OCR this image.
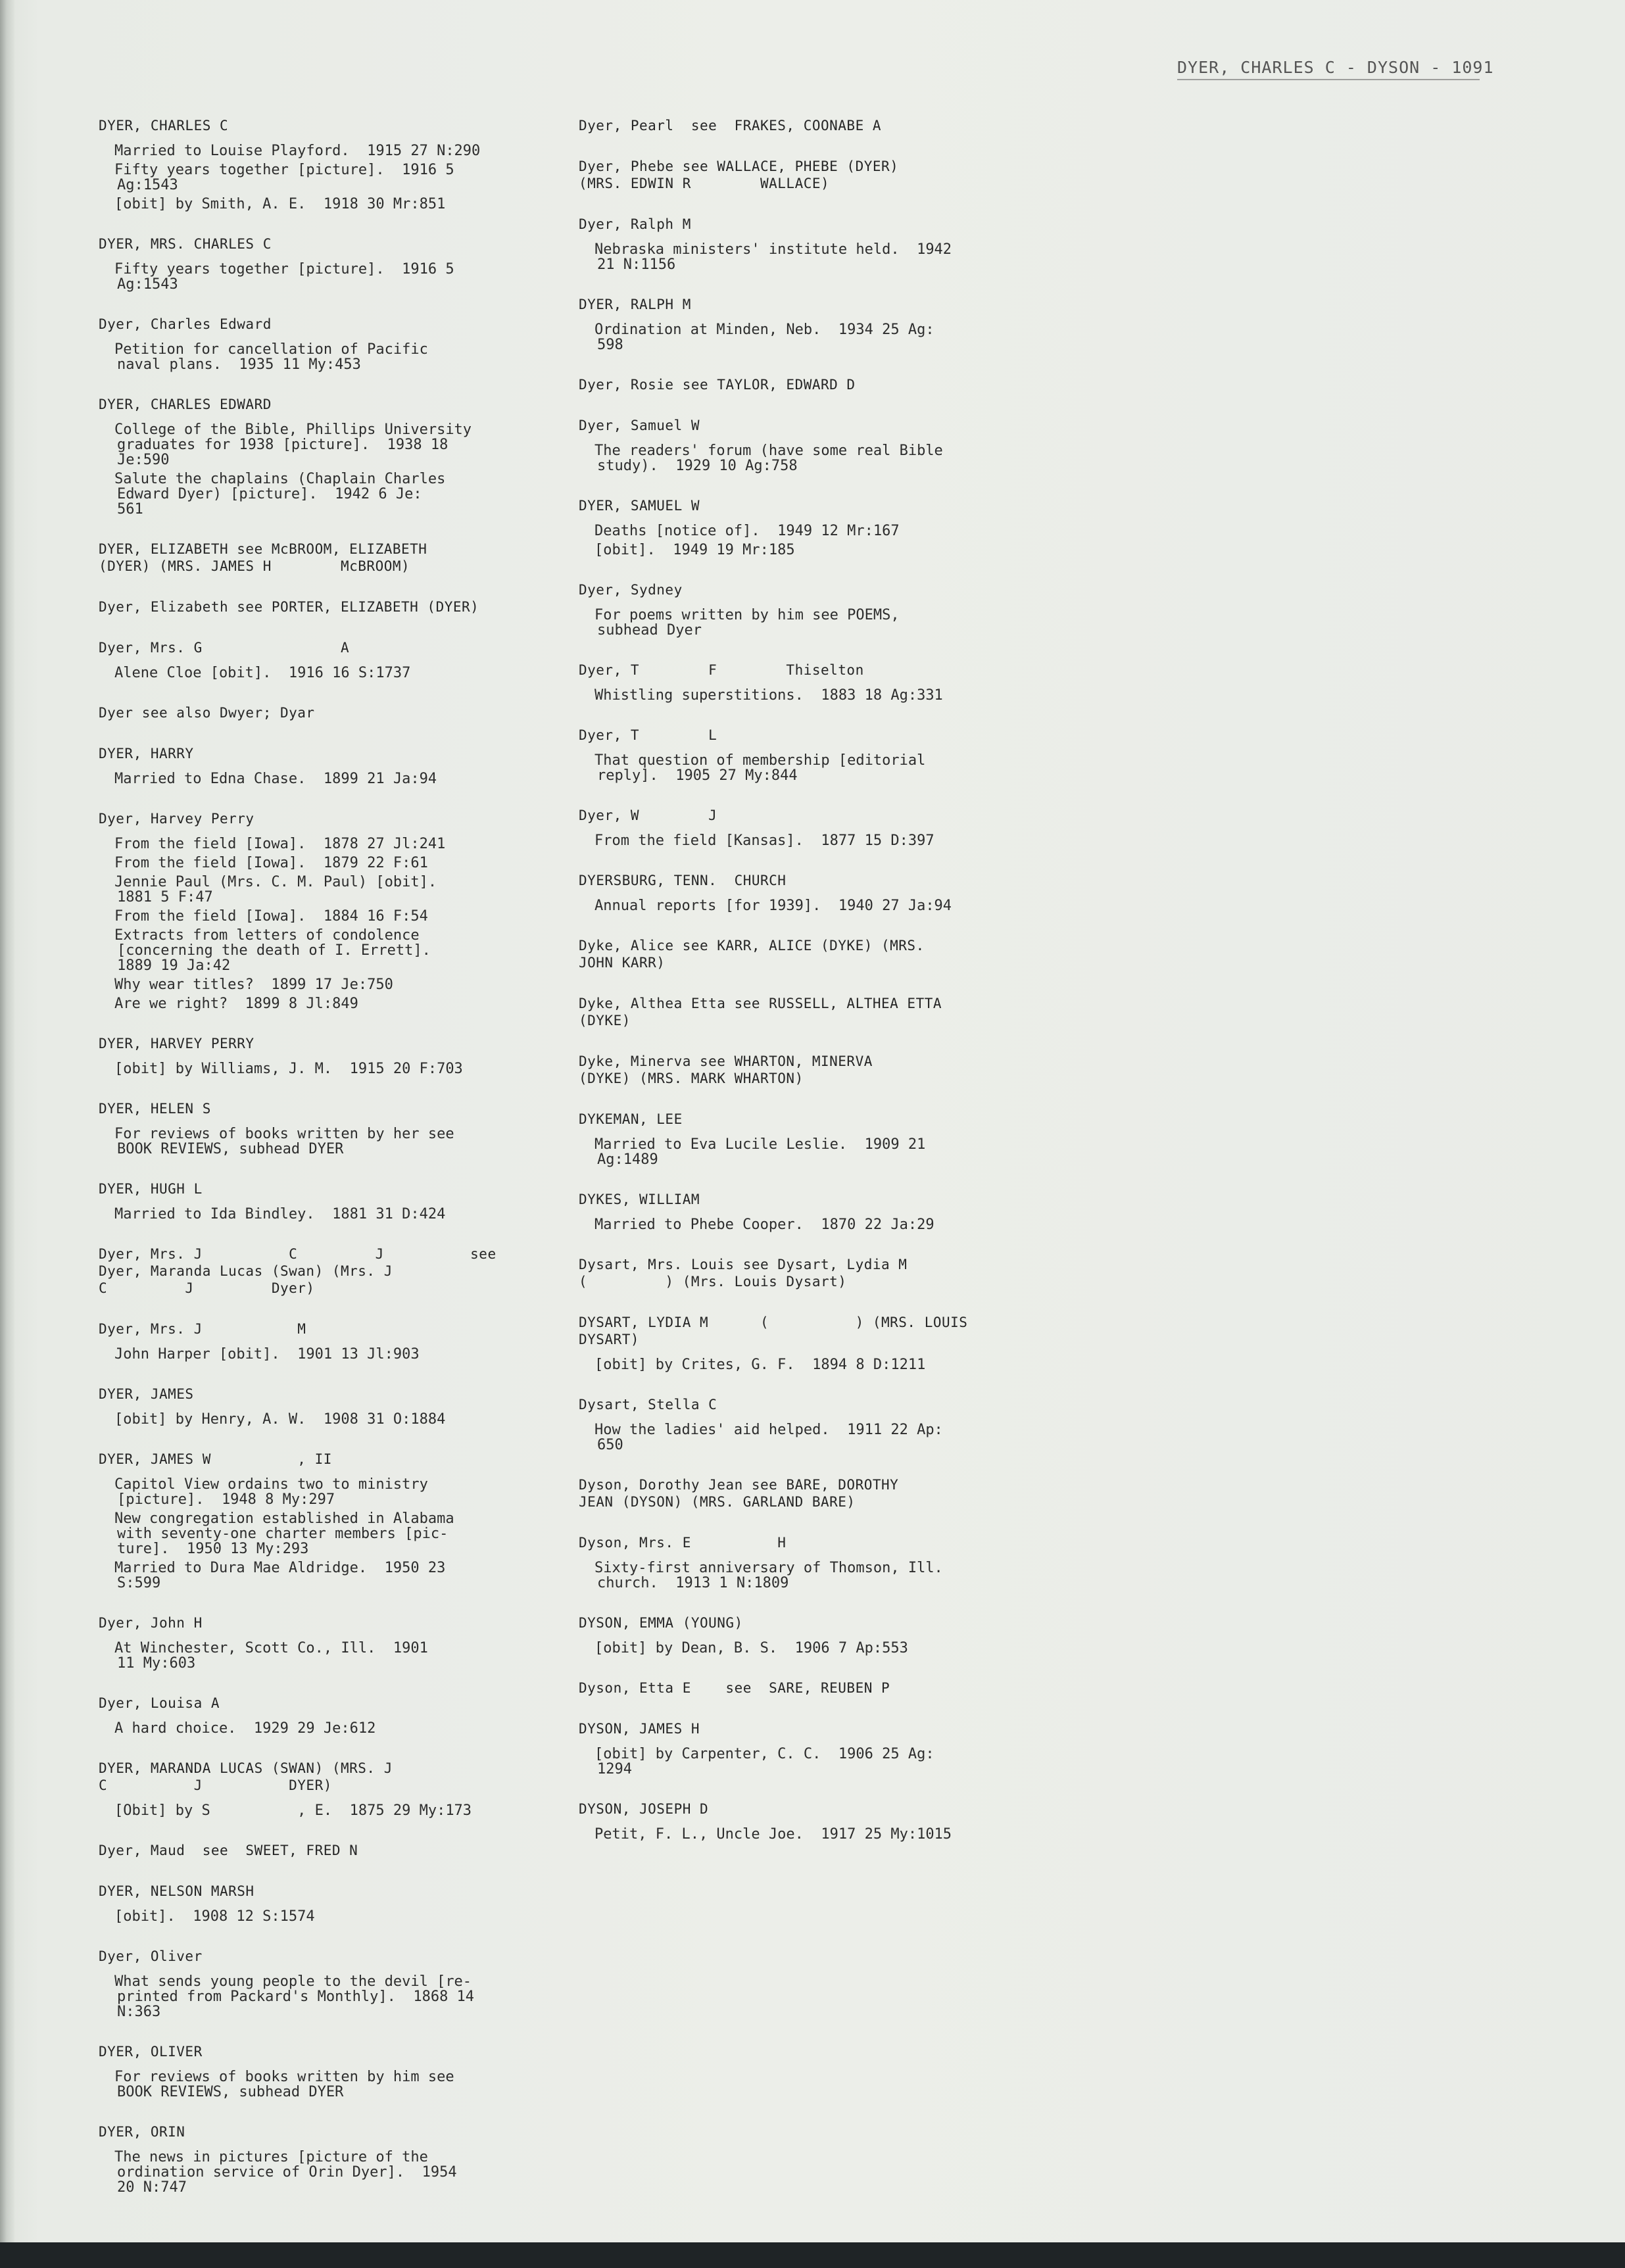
DYER, CHARLES C - DYSON - 1091
DYER, CHARLES C
Married to Louise Playford.  1915 27 N:290
Fifty years together [picture].  1916 5
Ag:1543
[obit] by Smith, A. E.  1918 30 Mr:851
DYER, MRS. CHARLES C
Fifty years together [picture].  1916 5
Ag:1543
Dyer, Charles Edward
Petition for cancellation of Pacific
naval plans.  1935 11 My:453
DYER, CHARLES EDWARD
College of the Bible, Phillips University
graduates for 1938 [picture].  1938 18
Je:590
Salute the chaplains (Chaplain Charles
Edward Dyer) [picture].  1942 6 Je:
561
DYER, ELIZABETH see McBROOM, ELIZABETH
(DYER) (MRS. JAMES H        McBROOM)
Dyer, Elizabeth see PORTER, ELIZABETH (DYER)
Dyer, Mrs. G                A
Alene Cloe [obit].  1916 16 S:1737
Dyer see also Dwyer; Dyar
DYER, HARRY
Married to Edna Chase.  1899 21 Ja:94
Dyer, Harvey Perry
From the field [Iowa].  1878 27 Jl:241
From the field [Iowa].  1879 22 F:61
Jennie Paul (Mrs. C. M. Paul) [obit].
1881 5 F:47
From the field [Iowa].  1884 16 F:54
Extracts from letters of condolence
[concerning the death of I. Errett].
1889 19 Ja:42
Why wear titles?  1899 17 Je:750
Are we right?  1899 8 Jl:849
DYER, HARVEY PERRY
[obit] by Williams, J. M.  1915 20 F:703
DYER, HELEN S
For reviews of books written by her see
BOOK REVIEWS, subhead DYER
DYER, HUGH L
Married to Ida Bindley.  1881 31 D:424
Dyer, Mrs. J          C         J          see
Dyer, Maranda Lucas (Swan) (Mrs. J
C         J         Dyer)
Dyer, Mrs. J           M
John Harper [obit].  1901 13 Jl:903
DYER, JAMES
[obit] by Henry, A. W.  1908 31 O:1884
DYER, JAMES W          , II
Capitol View ordains two to ministry
[picture].  1948 8 My:297
New congregation established in Alabama
with seventy-one charter members [pic-
ture].  1950 13 My:293
Married to Dura Mae Aldridge.  1950 23
S:599
Dyer, John H
At Winchester, Scott Co., Ill.  1901
11 My:603
Dyer, Louisa A
A hard choice.  1929 29 Je:612
DYER, MARANDA LUCAS (SWAN) (MRS. J
C          J          DYER)
[Obit] by S          , E.  1875 29 My:173
Dyer, Maud  see  SWEET, FRED N
DYER, NELSON MARSH
[obit].  1908 12 S:1574
Dyer, Oliver
What sends young people to the devil [re-
printed from Packard's Monthly].  1868 14
N:363
DYER, OLIVER
For reviews of books written by him see
BOOK REVIEWS, subhead DYER
DYER, ORIN
The news in pictures [picture of the
ordination service of Orin Dyer].  1954
20 N:747
Dyer, Pearl  see  FRAKES, COONABE A
Dyer, Phebe see WALLACE, PHEBE (DYER)
(MRS. EDWIN R        WALLACE)
Dyer, Ralph M
Nebraska ministers' institute held.  1942
21 N:1156
DYER, RALPH M
Ordination at Minden, Neb.  1934 25 Ag:
598
Dyer, Rosie see TAYLOR, EDWARD D
Dyer, Samuel W
The readers' forum (have some real Bible
study).  1929 10 Ag:758
DYER, SAMUEL W
Deaths [notice of].  1949 12 Mr:167
[obit].  1949 19 Mr:185
Dyer, Sydney
For poems written by him see POEMS,
subhead Dyer
Dyer, T        F        Thiselton
Whistling superstitions.  1883 18 Ag:331
Dyer, T        L
That question of membership [editorial
reply].  1905 27 My:844
Dyer, W        J
From the field [Kansas].  1877 15 D:397
DYERSBURG, TENN.  CHURCH
Annual reports [for 1939].  1940 27 Ja:94
Dyke, Alice see KARR, ALICE (DYKE) (MRS.
JOHN KARR)
Dyke, Althea Etta see RUSSELL, ALTHEA ETTA
(DYKE)
Dyke, Minerva see WHARTON, MINERVA
(DYKE) (MRS. MARK WHARTON)
DYKEMAN, LEE
Married to Eva Lucile Leslie.  1909 21
Ag:1489
DYKES, WILLIAM
Married to Phebe Cooper.  1870 22 Ja:29
Dysart, Mrs. Louis see Dysart, Lydia M
(         ) (Mrs. Louis Dysart)
DYSART, LYDIA M      (          ) (MRS. LOUIS
DYSART)
[obit] by Crites, G. F.  1894 8 D:1211
Dysart, Stella C
How the ladies' aid helped.  1911 22 Ap:
650
Dyson, Dorothy Jean see BARE, DOROTHY
JEAN (DYSON) (MRS. GARLAND BARE)
Dyson, Mrs. E          H
Sixty-first anniversary of Thomson, Ill.
church.  1913 1 N:1809
DYSON, EMMA (YOUNG)
[obit] by Dean, B. S.  1906 7 Ap:553
Dyson, Etta E    see  SARE, REUBEN P
DYSON, JAMES H
[obit] by Carpenter, C. C.  1906 25 Ag:
1294
DYSON, JOSEPH D
Petit, F. L., Uncle Joe.  1917 25 My:1015
